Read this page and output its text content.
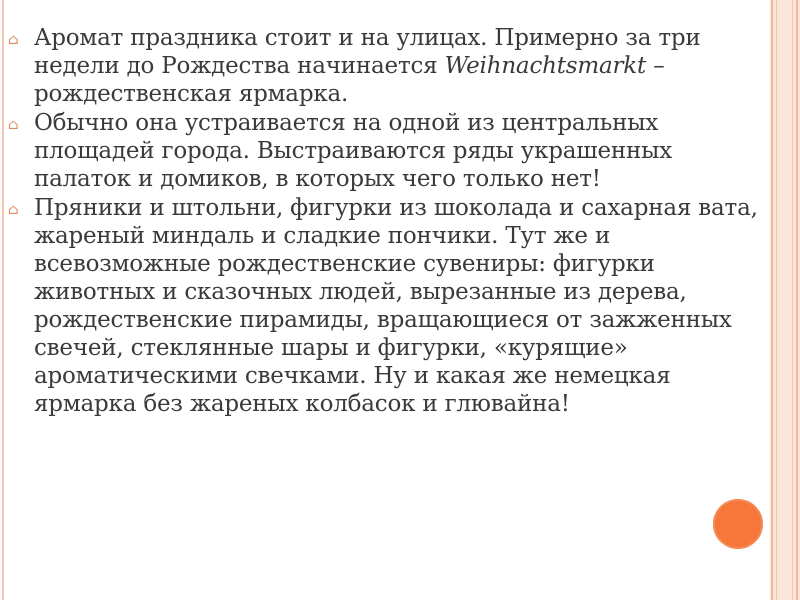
⌂ Аромат праздника стоит и на улицах. Примерно за три недели до Рождества начинается Weihnachtsmarkt – рождественская ярмарка.
⌂ Обычно она устраивается на одной из центральных площадей города. Выстраиваются ряды украшенных палаток и домиков, в которых чего только нет!
⌂ Пряники и штольни, фигурки из шоколада и сахарная вата, жареный миндаль и сладкие пончики. Тут же и всевозможные рождественские сувениры: фигурки животных и сказочных людей, вырезанные из дерева, рождественские пирамиды, вращающиеся от зажженных свечей, стеклянные шары и фигурки, «курящие» ароматическими свечками. Ну и какая же немецкая ярмарка без жареных колбасок и глювайна!
